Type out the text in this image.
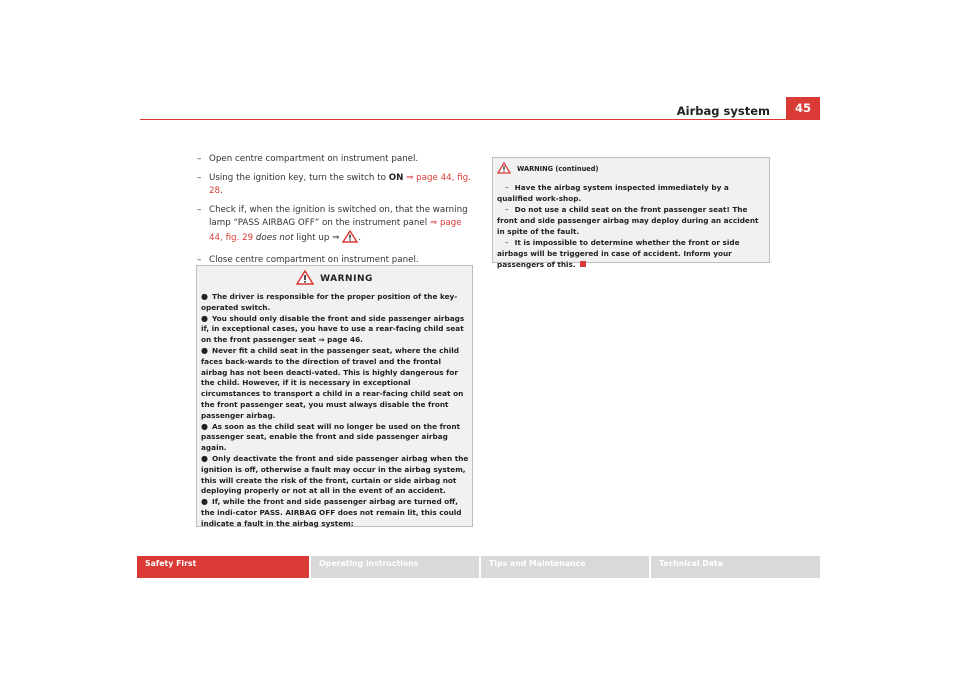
Airbag system	45
– Open centre compartment on instrument panel.
– Using the ignition key, turn the switch to ON ⇒ page 44, fig. 28.
– Check if, when the ignition is switched on, that the warning lamp “PASS AIRBAG OFF” on the instrument panel ⇒ page 44, fig. 29 does not light up ⇒ .
– Close centre compartment on instrument panel.
WARNING
● The driver is responsible for the proper position of the key-operated switch.
● You should only disable the front and side passenger airbags if, in exceptional cases, you have to use a rear-facing child seat on the front passenger seat ⇒ page 46.
● Never fit a child seat in the passenger seat, where the child faces back-wards to the direction of travel and the frontal airbag has not been deacti-vated. This is highly dangerous for the child. However, if it is necessary in exceptional circumstances to transport a child in a rear-facing child seat on the front passenger seat, you must always disable the front passenger airbag.
● As soon as the child seat will no longer be used on the front passenger seat, enable the front and side passenger airbag again.
● Only deactivate the front and side passenger airbag when the ignition is off, otherwise a fault may occur in the airbag system, this will create the risk of the front, curtain or side airbag not deploying properly or not at all in the event of an accident.
● If, while the front and side passenger airbag are turned off, the indi-cator PASS. AIRBAG OFF does not remain lit, this could indicate a fault in the airbag system:
WARNING (continued)
– Have the airbag system inspected immediately by a qualified work-shop.
– Do not use a child seat on the front passenger seat! The front and side passenger airbag may deploy during an accident in spite of the fault.
– It is impossible to determine whether the front or side airbags will be triggered in case of accident. Inform your passengers of this.
Safety First	Operating instructions	Tips and Maintenance	Technical Data
